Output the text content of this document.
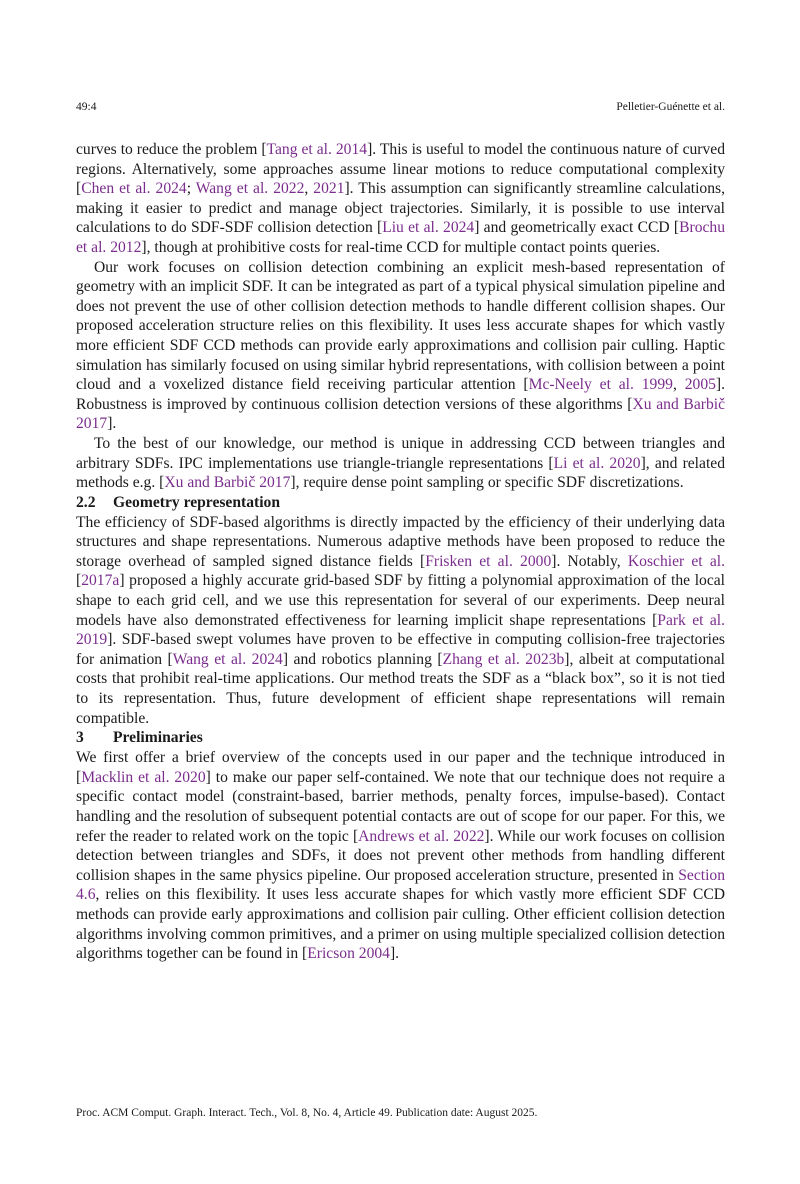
49:4	Pelletier-Guénette et al.

curves to reduce the problem [Tang et al. 2014]. This is useful to model the continuous nature of curved regions. Alternatively, some approaches assume linear motions to reduce computational complexity [Chen et al. 2024; Wang et al. 2022, 2021]. This assumption can significantly streamline calculations, making it easier to predict and manage object trajectories. Similarly, it is possible to use interval calculations to do SDF-SDF collision detection [Liu et al. 2024] and geometrically exact CCD [Brochu et al. 2012], though at prohibitive costs for real-time CCD for multiple contact points queries.

Our work focuses on collision detection combining an explicit mesh-based representation of geometry with an implicit SDF. It can be integrated as part of a typical physical simulation pipeline and does not prevent the use of other collision detection methods to handle different collision shapes. Our proposed acceleration structure relies on this flexibility. It uses less accurate shapes for which vastly more efficient SDF CCD methods can provide early approximations and collision pair culling. Haptic simulation has similarly focused on using similar hybrid representations, with collision between a point cloud and a voxelized distance field receiving particular attention [Mc-Neely et al. 1999, 2005]. Robustness is improved by continuous collision detection versions of these algorithms [Xu and Barbič 2017].

To the best of our knowledge, our method is unique in addressing CCD between triangles and arbitrary SDFs. IPC implementations use triangle-triangle representations [Li et al. 2020], and related methods e.g. [Xu and Barbič 2017], require dense point sampling or specific SDF discretizations.

2.2 Geometry representation

The efficiency of SDF-based algorithms is directly impacted by the efficiency of their underlying data structures and shape representations. Numerous adaptive methods have been proposed to reduce the storage overhead of sampled signed distance fields [Frisken et al. 2000]. Notably, Koschier et al. [2017a] proposed a highly accurate grid-based SDF by fitting a polynomial approximation of the local shape to each grid cell, and we use this representation for several of our experiments. Deep neural models have also demonstrated effectiveness for learning implicit shape representations [Park et al. 2019]. SDF-based swept volumes have proven to be effective in computing collision-free trajectories for animation [Wang et al. 2024] and robotics planning [Zhang et al. 2023b], albeit at computational costs that prohibit real-time applications. Our method treats the SDF as a “black box”, so it is not tied to its representation. Thus, future development of efficient shape representations will remain compatible.

3 Preliminaries

We first offer a brief overview of the concepts used in our paper and the technique introduced in [Macklin et al. 2020] to make our paper self-contained. We note that our technique does not require a specific contact model (constraint-based, barrier methods, penalty forces, impulse-based). Contact handling and the resolution of subsequent potential contacts are out of scope for our paper. For this, we refer the reader to related work on the topic [Andrews et al. 2022]. While our work focuses on collision detection between triangles and SDFs, it does not prevent other methods from handling different collision shapes in the same physics pipeline. Our proposed acceleration structure, presented in Section 4.6, relies on this flexibility. It uses less accurate shapes for which vastly more efficient SDF CCD methods can provide early approximations and collision pair culling. Other efficient collision detection algorithms involving common primitives, and a primer on using multiple specialized collision detection algorithms together can be found in [Ericson 2004].

Proc. ACM Comput. Graph. Interact. Tech., Vol. 8, No. 4, Article 49. Publication date: August 2025.
